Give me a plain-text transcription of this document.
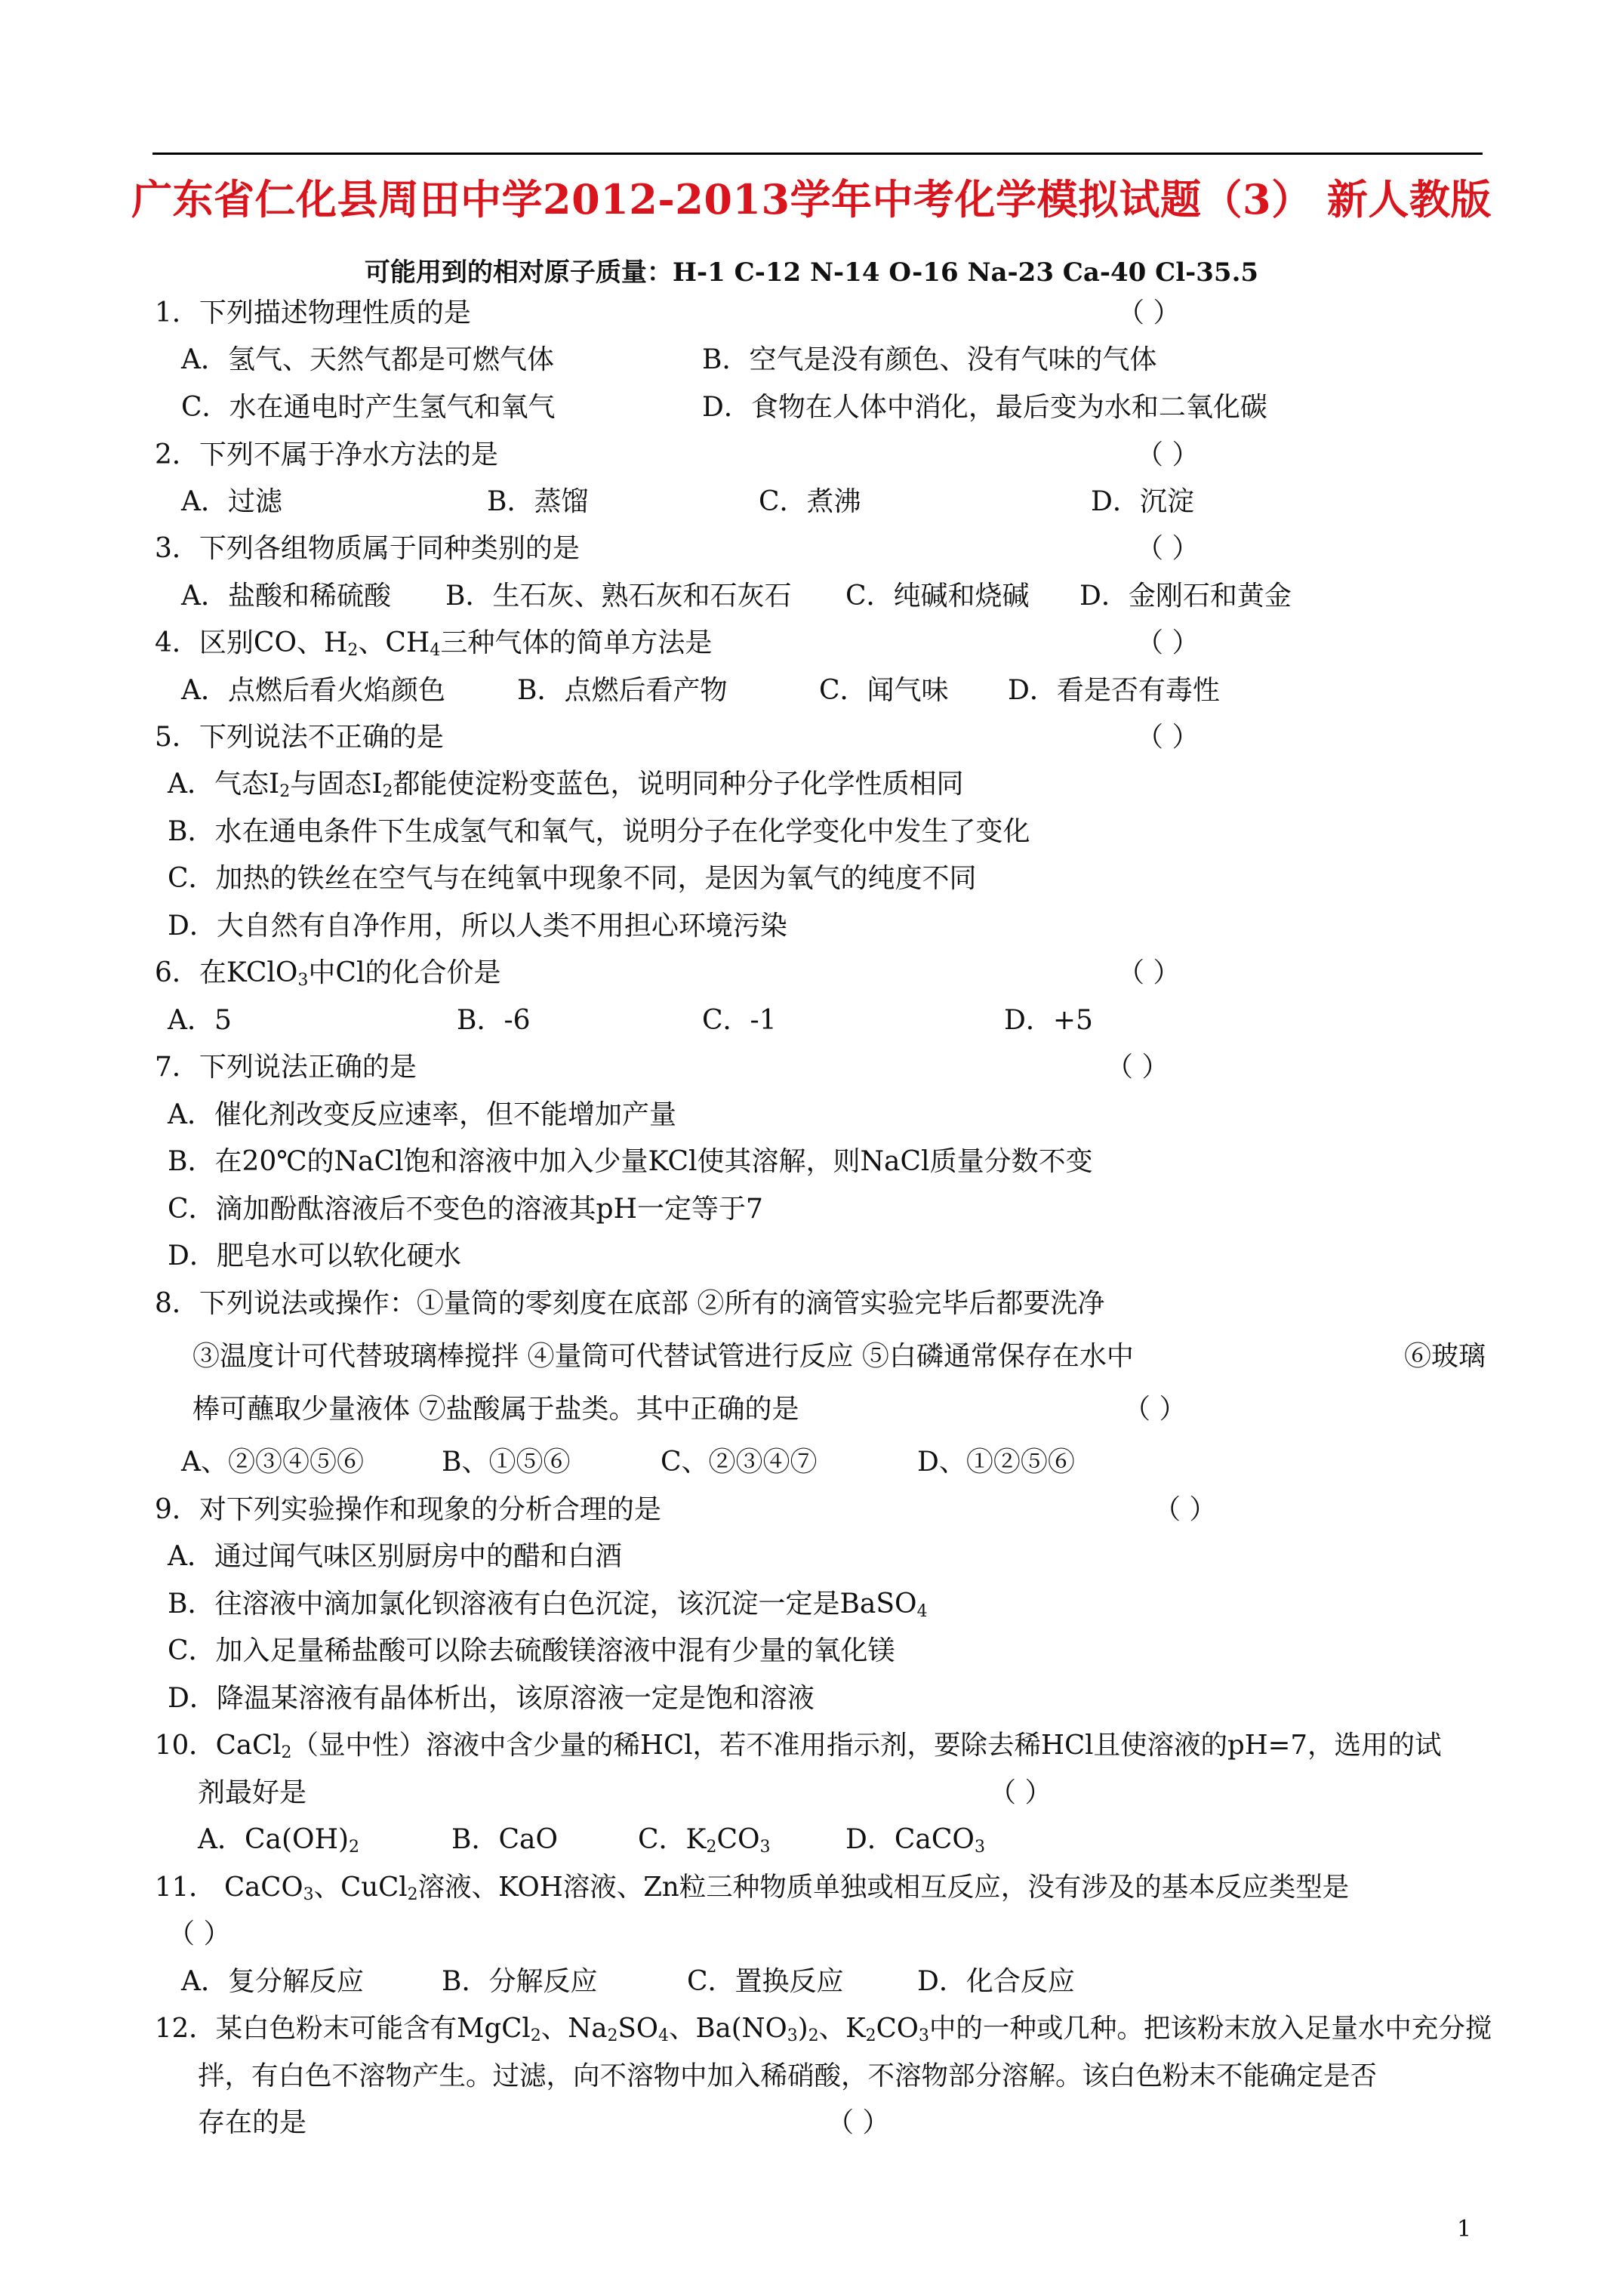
广东省仁化县周田中学2012-2013学年中考化学模拟试题（3） 新人教版
可能用到的相对原子质量：H-1 C-12 N-14 O-16 Na-23 Ca-40 Cl-35.5
1．下列描述物理性质的是	（ ）
A．氢气、天然气都是可燃气体	B．空气是没有颜色、没有气味的气体
C．水在通电时产生氢气和氧气	D．食物在人体中消化，最后变为水和二氧化碳
2．下列不属于净水方法的是	（ ）
A．过滤	B．蒸馏	C．煮沸	D．沉淀
3．下列各组物质属于同种类别的是	（ ）
A．盐酸和稀硫酸 B．生石灰、熟石灰和石灰石 C．纯碱和烧碱 D．金刚石和黄金
4．区别CO、$H_2$、$CH_4$三种气体的简单方法是	（ ）
A．点燃后看火焰颜色	B．点燃后看产物	C．闻气味 D．看是否有毒性
5．下列说法不正确的是	（ ）
A．气态$I_2$与固态$I_2$都能使淀粉变蓝色，说明同种分子化学性质相同
B．水在通电条件下生成氢气和氧气，说明分子在化学变化中发生了变化
C．加热的铁丝在空气与在纯氧中现象不同，是因为氧气的纯度不同
D．大自然有自净作用，所以人类不用担心环境污染
6．在KClO$_3$中Cl的化合价是	（ ）
A．5	B．-6	C．-1	D．+5
7．下列说法正确的是	（ ）
A．催化剂改变反应速率，但不能增加产量
B．在20℃的NaCl饱和溶液中加入少量KCl使其溶解，则NaCl质量分数不变
C．滴加酚酞溶液后不变色的溶液其pH一定等于7
D．肥皂水可以软化硬水
8．下列说法或操作：①量筒的零刻度在底部 ②所有的滴管实验完毕后都要洗净
③温度计可代替玻璃棒搅拌 ④量筒可代替试管进行反应 ⑤白磷通常保存在水中	⑥玻璃
棒可蘸取少量液体 ⑦盐酸属于盐类。其中正确的是	（ ）
A、②③④⑤⑥	B、①⑤⑥	C、②③④⑦	D、①②⑤⑥
9．对下列实验操作和现象的分析合理的是	（ ）
A．通过闻气味区别厨房中的醋和白酒
B．往溶液中滴加氯化钡溶液有白色沉淀，该沉淀一定是BaSO$_4$
C．加入足量稀盐酸可以除去硫酸镁溶液中混有少量的氧化镁
D．降温某溶液有晶体析出，该原溶液一定是饱和溶液
10．CaCl$_2$（显中性）溶液中含少量的稀HCl，若不准用指示剂，要除去稀HCl且使溶液的pH=7，选用的试
剂最好是	（ ）
A．$Ca(OH)_2$	B．CaO	C．$K_2CO_3$	D．CaCO$_3$
11． CaCO$_3$、CuCl$_2$溶液、KOH溶液、Zn粒三种物质单独或相互反应，没有涉及的基本反应类型是
（ ）
A．复分解反应	B．分解反应	C．置换反应	D．化合反应
12．某白色粉末可能含有MgCl$_2$、$Na_2SO_4$、$Ba(NO_3)_2$、$K_2CO_3$中的一种或几种。把该粉末放入足量水中充分搅
拌，有白色不溶物产生。过滤，向不溶物中加入稀硝酸，不溶物部分溶解。该白色粉末不能确定是否
存在的是	（ ）
1
